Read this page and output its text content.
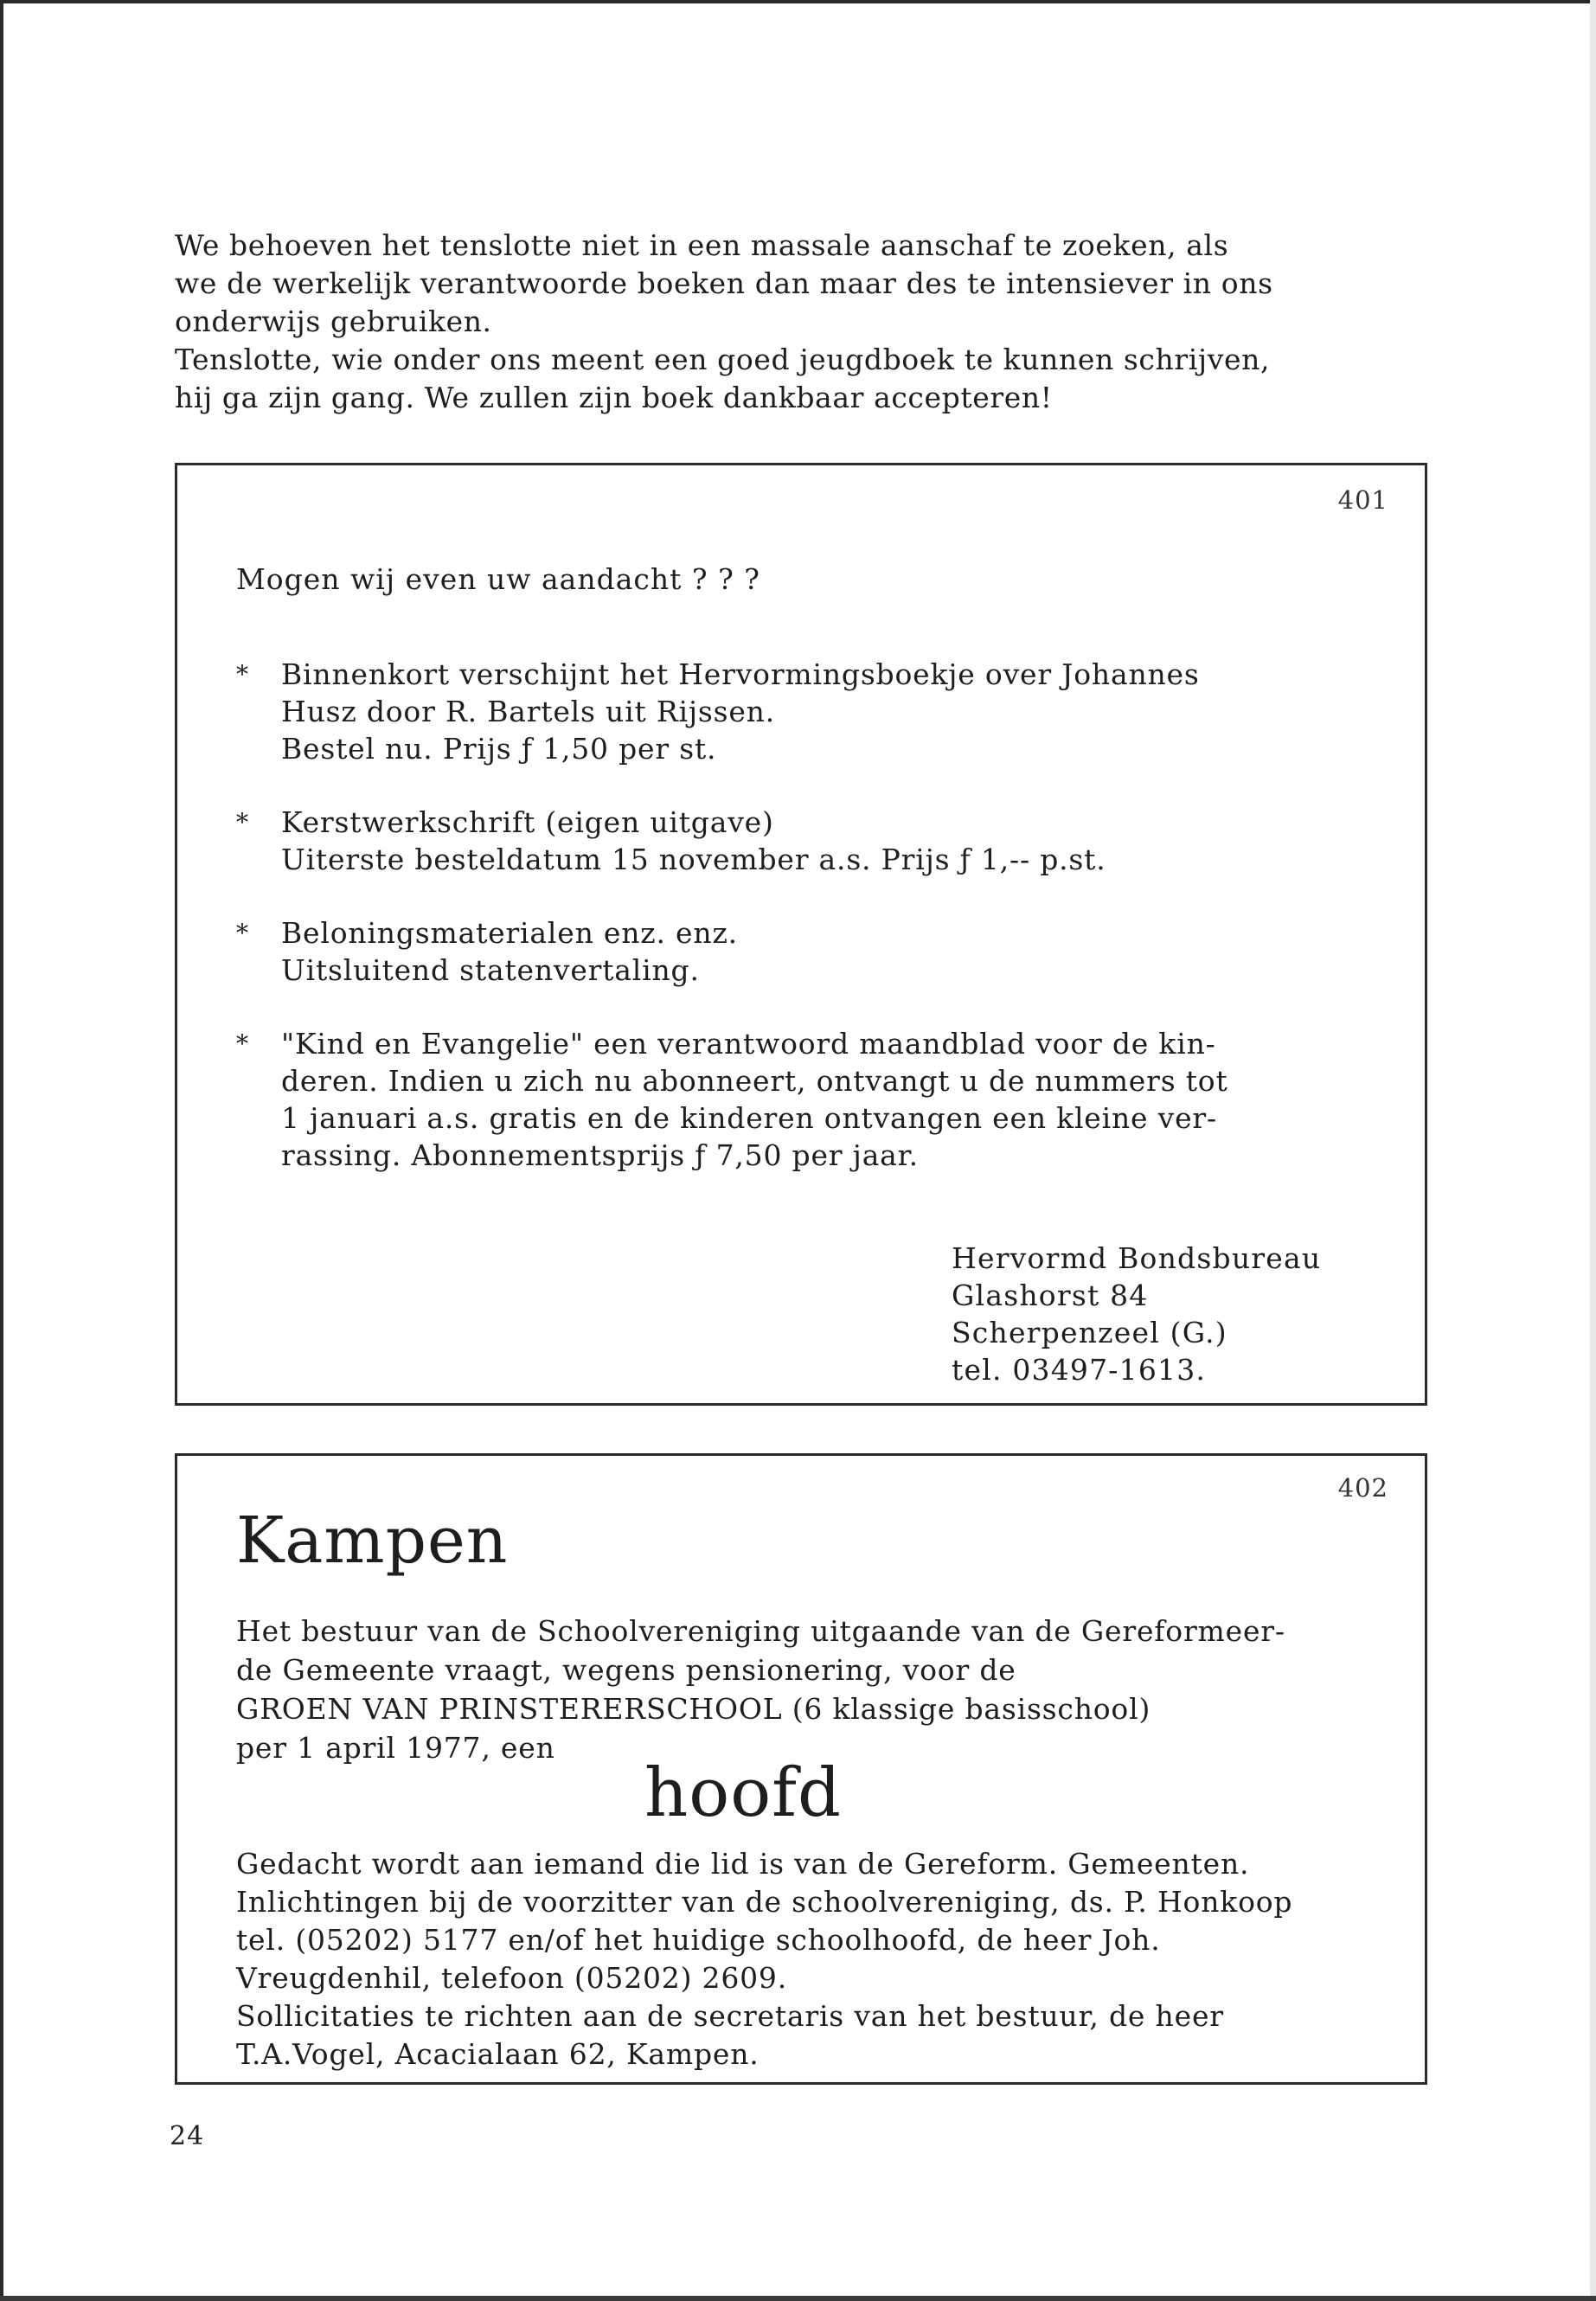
We behoeven het tenslotte niet in een massale aanschaf te zoeken, als
we de werkelijk verantwoorde boeken dan maar des te intensiever in ons
onderwijs gebruiken.
Tenslotte, wie onder ons meent een goed jeugdboek te kunnen schrijven,
hij ga zijn gang. We zullen zijn boek dankbaar accepteren!
401
Mogen wij even uw aandacht ? ? ?
* Binnenkort verschijnt het Hervormingsboekje over Johannes
Husz door R. Bartels uit Rijssen.
Bestel nu. Prijs ƒ 1,50 per st.
* Kerstwerkschrift (eigen uitgave)
Uiterste besteldatum 15 november a.s. Prijs ƒ 1,-- p.st.
* Beloningsmaterialen enz. enz.
Uitsluitend statenvertaling.
* "Kind en Evangelie" een verantwoord maandblad voor de kin-
deren. Indien u zich nu abonneert, ontvangt u de nummers tot
1 januari a.s. gratis en de kinderen ontvangen een kleine ver-
rassing. Abonnementsprijs ƒ 7,50 per jaar.
Hervormd Bondsbureau
Glashorst 84
Scherpenzeel (G.)
tel. 03497-1613.
402
Kampen
Het bestuur van de Schoolvereniging uitgaande van de Gereformeer-
de Gemeente vraagt, wegens pensionering, voor de
GROEN VAN PRINSTERERSCHOOL (6 klassige basisschool)
per 1 april 1977, een
hoofd
Gedacht wordt aan iemand die lid is van de Gereform. Gemeenten.
Inlichtingen bij de voorzitter van de schoolvereniging, ds. P. Honkoop
tel. (05202) 5177 en/of het huidige schoolhoofd, de heer Joh.
Vreugdenhil, telefoon (05202) 2609.
Sollicitaties te richten aan de secretaris van het bestuur, de heer
T.A.Vogel, Acacialaan 62, Kampen.
24
